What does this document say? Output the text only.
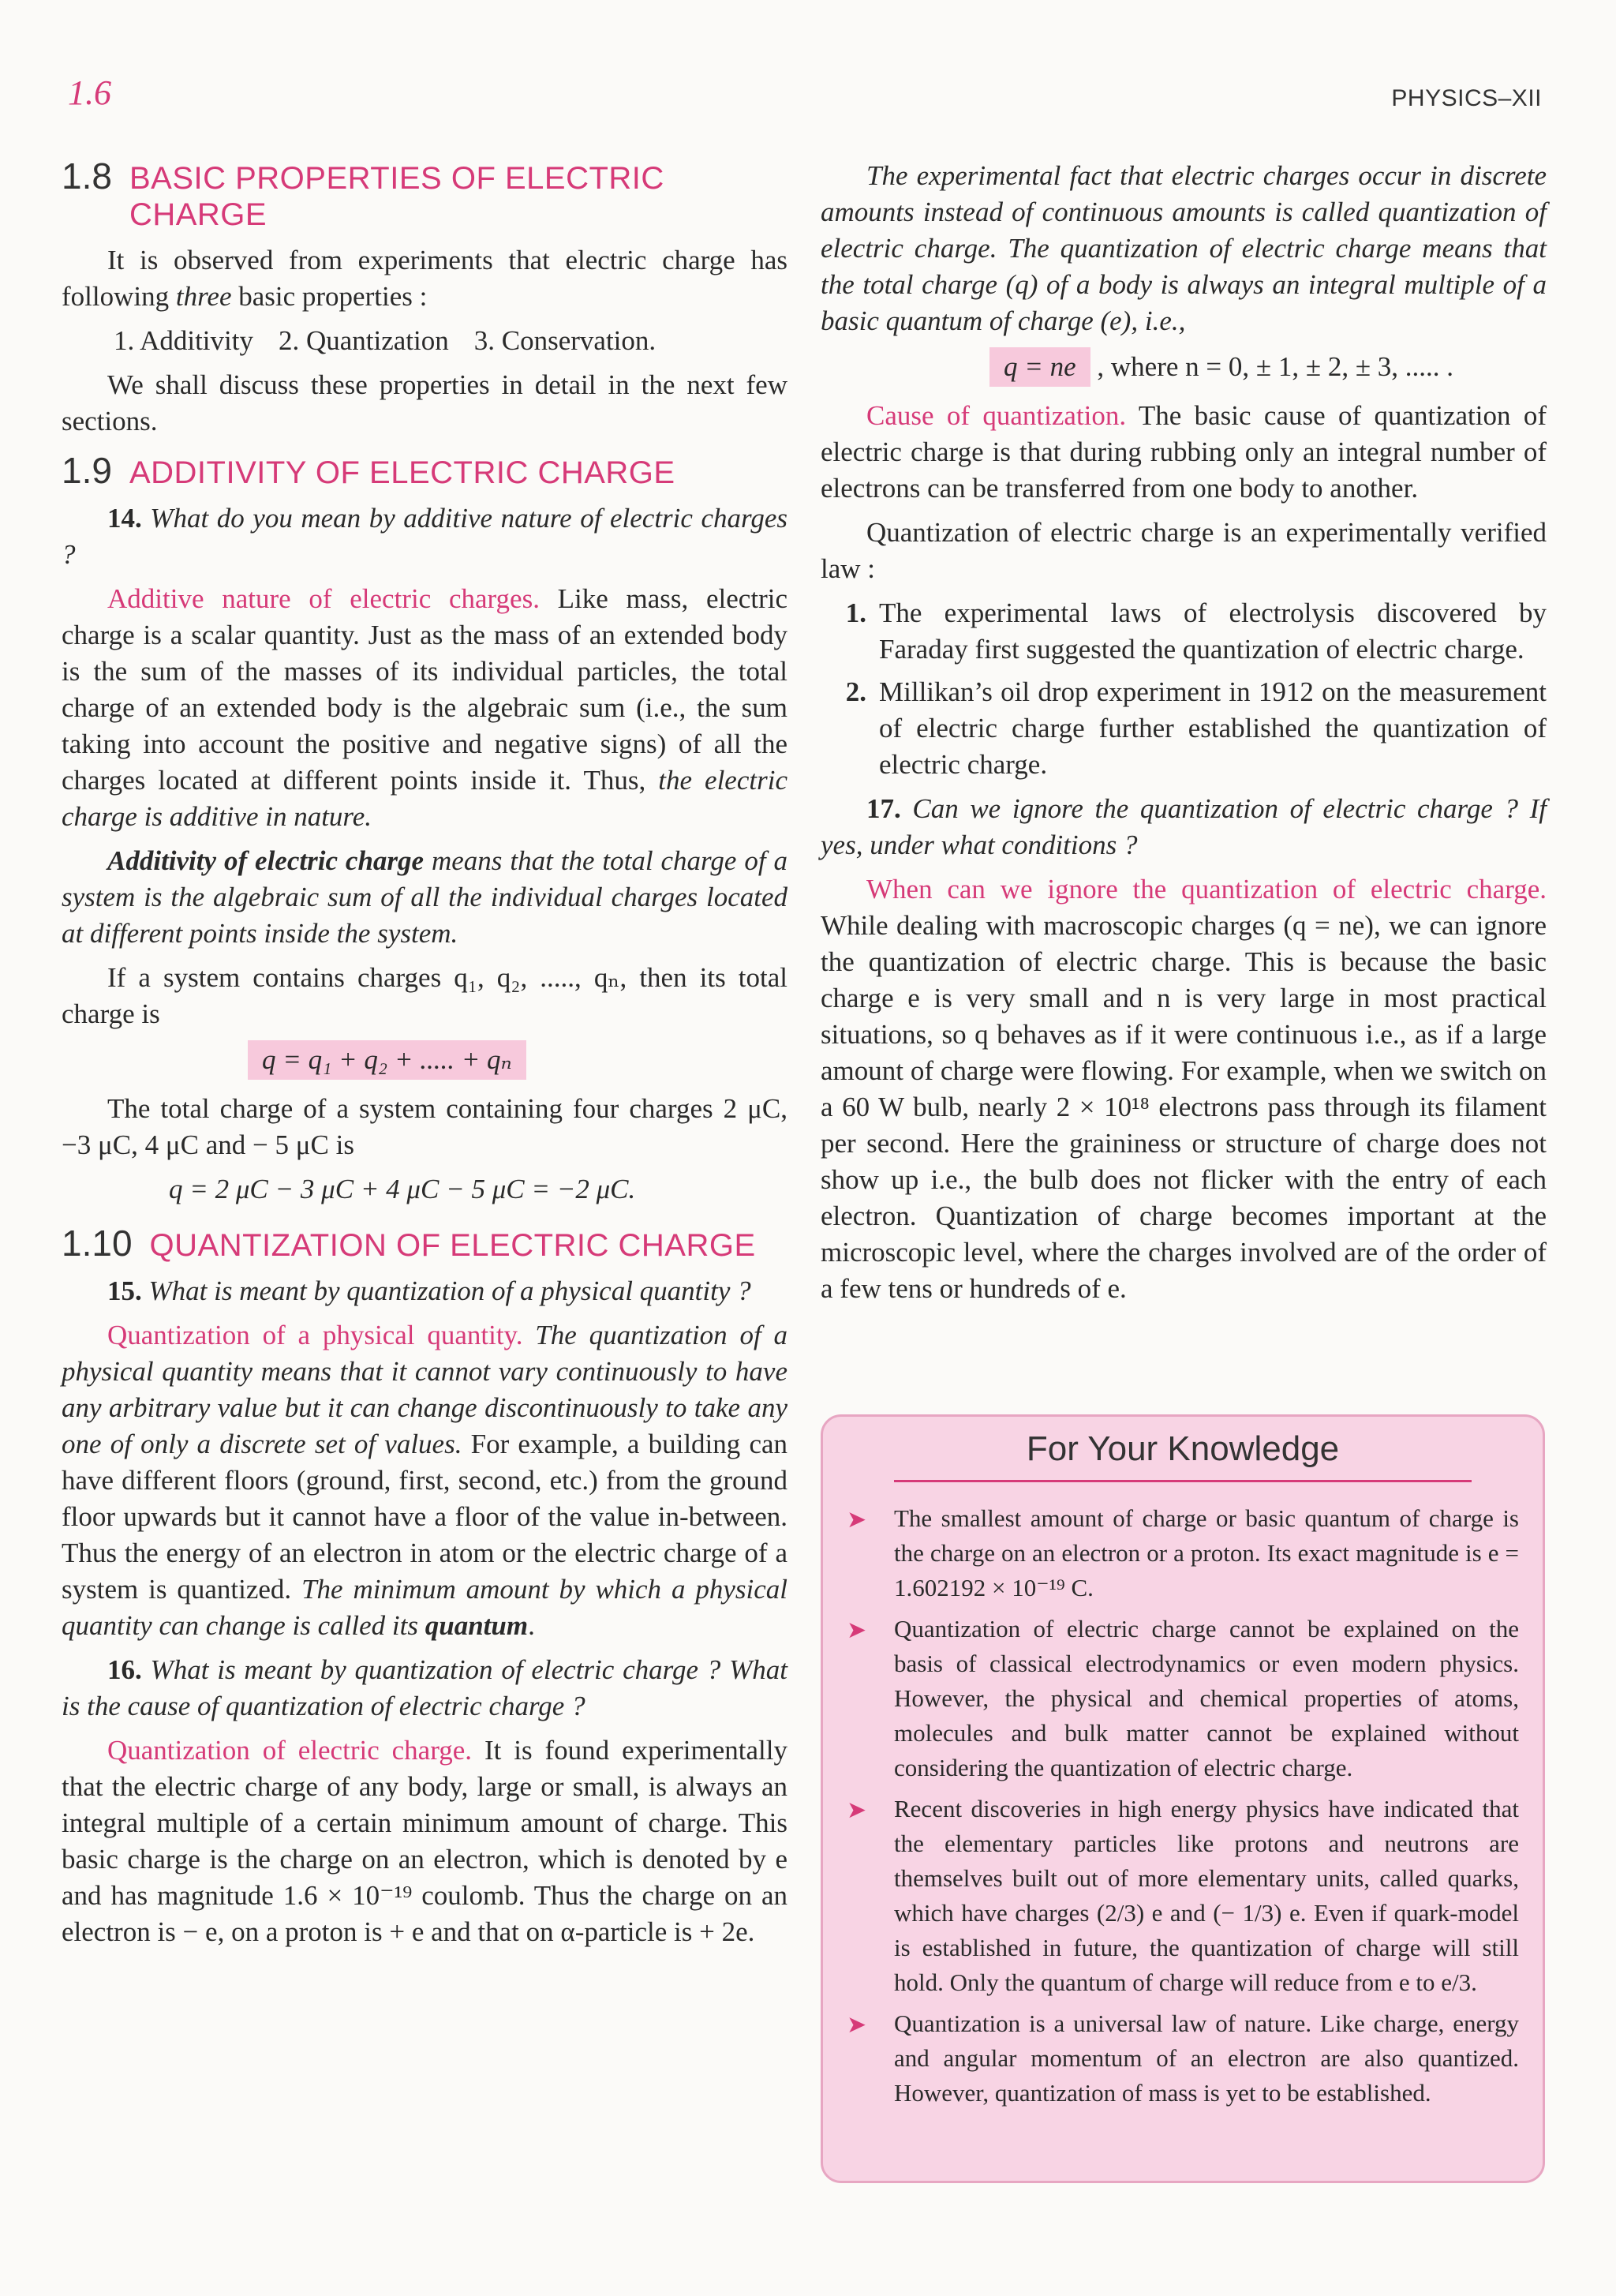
1.6	PHYSICS–XII
1.8 BASIC PROPERTIES OF ELECTRIC CHARGE

It is observed from experiments that electric charge has following three basic properties :

1. Additivity 2. Quantization 3. Conservation.

We shall discuss these properties in detail in the next few sections.

1.9 ADDITIVITY OF ELECTRIC CHARGE

14. What do you mean by additive nature of electric charges ?

Additive nature of electric charges. Like mass, electric charge is a scalar quantity. Just as the mass of an extended body is the sum of the masses of its individual particles, the total charge of an extended body is the algebraic sum (i.e., the sum taking into account the positive and negative signs) of all the charges located at different points inside it. Thus, the electric charge is additive in nature.

Additivity of electric charge means that the total charge of a system is the algebraic sum of all the individual charges located at different points inside the system.

If a system contains charges q₁, q₂, ....., qₙ, then its total charge is

q = q₁ + q₂ + ..... + qₙ

The total charge of a system containing four charges 2 μC, −3 μC, 4 μC and − 5 μC is

q = 2 μC − 3 μC + 4 μC − 5 μC = −2 μC.

1.10 QUANTIZATION OF ELECTRIC CHARGE

15. What is meant by quantization of a physical quantity ?

Quantization of a physical quantity. The quantization of a physical quantity means that it cannot vary continuously to have any arbitrary value but it can change discontinuously to take any one of only a discrete set of values. For example, a building can have different floors (ground, first, second, etc.) from the ground floor upwards but it cannot have a floor of the value in-between. Thus the energy of an electron in atom or the electric charge of a system is quantized. The minimum amount by which a physical quantity can change is called its quantum.

16. What is meant by quantization of electric charge ? What is the cause of quantization of electric charge ?

Quantization of electric charge. It is found experimentally that the electric charge of any body, large or small, is always an integral multiple of a certain minimum amount of charge. This basic charge is the charge on an electron, which is denoted by e and has magnitude 1.6 × 10⁻¹⁹ coulomb. Thus the charge on an electron is − e, on a proton is + e and that on α-particle is + 2e.

The experimental fact that electric charges occur in discrete amounts instead of continuous amounts is called quantization of electric charge. The quantization of electric charge means that the total charge (q) of a body is always an integral multiple of a basic quantum of charge (e), i.e.,

q = ne , where n = 0, ± 1, ± 2, ± 3, ..... .

Cause of quantization. The basic cause of quantization of electric charge is that during rubbing only an integral number of electrons can be transferred from one body to another.

Quantization of electric charge is an experimentally verified law :

1. The experimental laws of electrolysis discovered by Faraday first suggested the quantization of electric charge.
2. Millikan’s oil drop experiment in 1912 on the measurement of electric charge further established the quantization of electric charge.

17. Can we ignore the quantization of electric charge ? If yes, under what conditions ?

When can we ignore the quantization of electric charge. While dealing with macroscopic charges (q = ne), we can ignore the quantization of electric charge. This is because the basic charge e is very small and n is very large in most practical situations, so q behaves as if it were continuous i.e., as if a large amount of charge were flowing. For example, when we switch on a 60 W bulb, nearly 2 × 10¹⁸ electrons pass through its filament per second. Here the graininess or structure of charge does not show up i.e., the bulb does not flicker with the entry of each electron. Quantization of charge becomes important at the microscopic level, where the charges involved are of the order of a few tens or hundreds of e.

For Your Knowledge
➤	The smallest amount of charge or basic quantum of charge is the charge on an electron or a proton. Its exact magnitude is e = 1.602192 × 10⁻¹⁹ C.
➤	Quantization of electric charge cannot be explained on the basis of classical electrodynamics or even modern physics. However, the physical and chemical properties of atoms, molecules and bulk matter cannot be explained without considering the quantization of electric charge.
➤	Recent discoveries in high energy physics have indicated that the elementary particles like protons and neutrons are themselves built out of more elementary units, called quarks, which have charges (2/3) e and (− 1/3) e. Even if quark-model is established in future, the quantization of charge will still hold. Only the quantum of charge will reduce from e to e/3.
➤	Quantization is a universal law of nature. Like charge, energy and angular momentum of an electron are also quantized. However, quantization of mass is yet to be established.
